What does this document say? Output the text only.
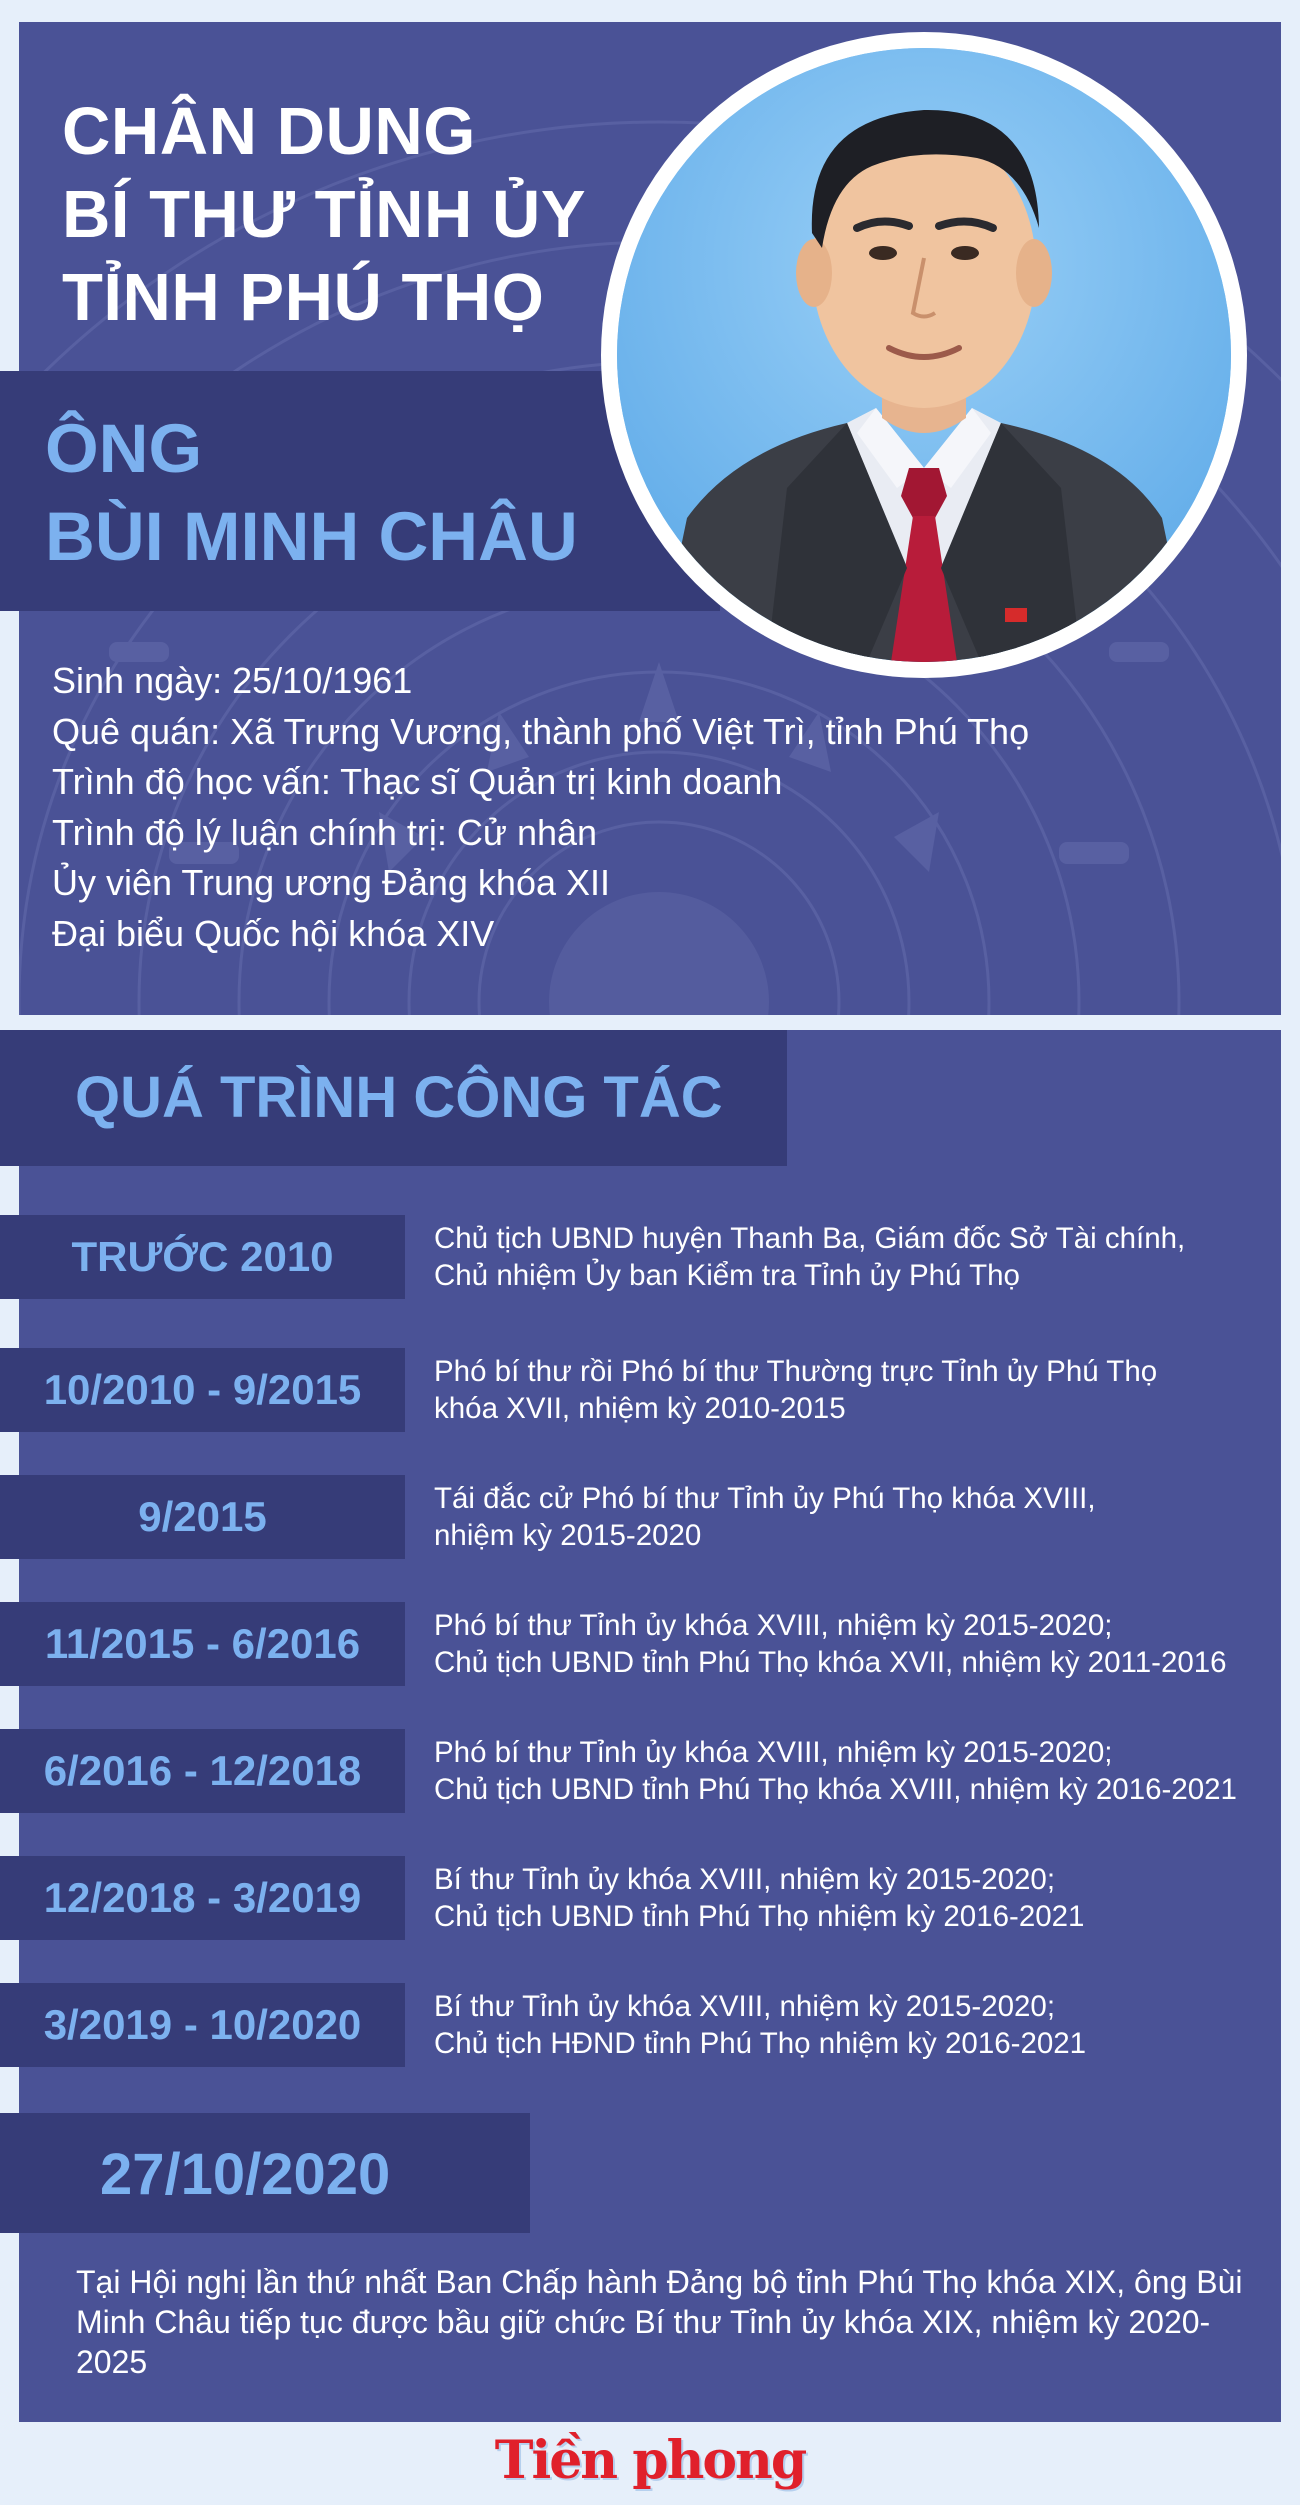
CHÂN DUNG
BÍ THƯ TỈNH ỦY
TỈNH PHÚ THỌ
ÔNG
BÙI MINH CHÂU
Sinh ngày: 25/10/1961
Quê quán: Xã Trưng Vương, thành phố Việt Trì, tỉnh Phú Thọ
Trình độ học vấn: Thạc sĩ Quản trị kinh doanh
Trình độ lý luận chính trị: Cử nhân
Ủy viên Trung ương Đảng khóa XII
Đại biểu Quốc hội khóa XIV
QUÁ TRÌNH CÔNG TÁC
TRƯỚC 2010	Chủ tịch UBND huyện Thanh Ba, Giám đốc Sở Tài chính,
Chủ nhiệm Ủy ban Kiểm tra Tỉnh ủy Phú Thọ
10/2010 - 9/2015	Phó bí thư rồi Phó bí thư Thường trực Tỉnh ủy Phú Thọ
khóa XVII, nhiệm kỳ 2010-2015
9/2015	Tái đắc cử Phó bí thư Tỉnh ủy Phú Thọ khóa XVIII,
nhiệm kỳ 2015-2020
11/2015 - 6/2016	Phó bí thư Tỉnh ủy khóa XVIII, nhiệm kỳ 2015-2020;
Chủ tịch UBND tỉnh Phú Thọ khóa XVII, nhiệm kỳ 2011-2016
6/2016 - 12/2018	Phó bí thư Tỉnh ủy khóa XVIII, nhiệm kỳ 2015-2020;
Chủ tịch UBND tỉnh Phú Thọ khóa XVIII, nhiệm kỳ 2016-2021
12/2018 - 3/2019	Bí thư Tỉnh ủy khóa XVIII, nhiệm kỳ 2015-2020;
Chủ tịch UBND tỉnh Phú Thọ nhiệm kỳ 2016-2021
3/2019 - 10/2020	Bí thư Tỉnh ủy khóa XVIII, nhiệm kỳ 2015-2020;
Chủ tịch HĐND tỉnh Phú Thọ nhiệm kỳ 2016-2021
27/10/2020
Tại Hội nghị lần thứ nhất Ban Chấp hành Đảng bộ tỉnh Phú Thọ khóa XIX, ông Bùi Minh Châu tiếp tục được bầu giữ chức Bí thư Tỉnh ủy khóa XIX, nhiệm kỳ 2020-2025
Tiền phong
